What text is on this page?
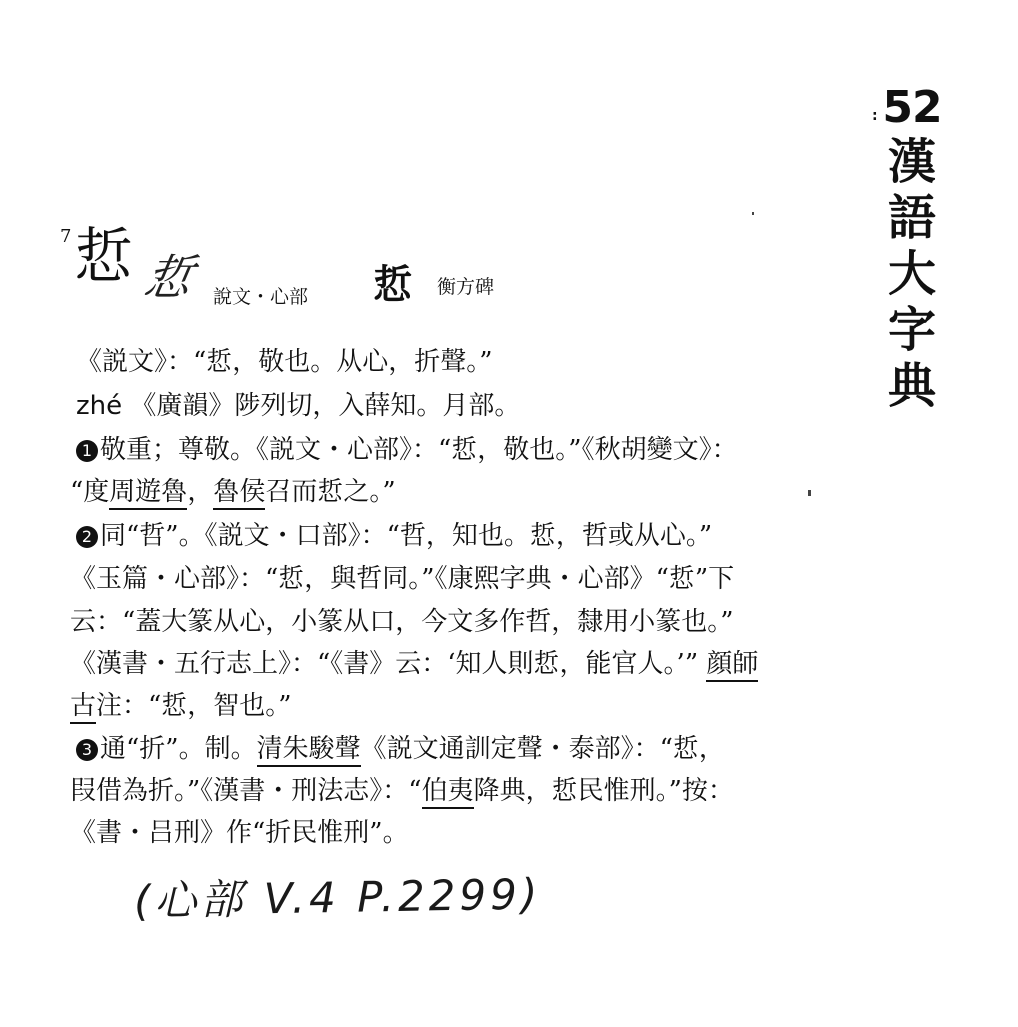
: 52
漢
語
大
字
典
7 悊 悊 說文・心部 悊 衡方碑
《説文》：“悊，敬也。从心，折聲。”
zhé 《廣韻》陟列切，入薛知。月部。
1 敬重；尊敬。《説文・心部》：“悊，敬也。”《秋胡變文》：
“度周遊魯，魯侯召而悊之。”
2 同“哲”。《説文・口部》：“哲，知也。悊，哲或从心。”
《玉篇・心部》：“悊，與哲同。”《康熙字典・心部》“悊”下
云：“蓋大篆从心，小篆从口，今文多作哲，隸用小篆也。”
《漢書・五行志上》：“《書》云：‘知人則悊，能官人。’” 顔師
古注：“悊，智也。”
3 通“折”。制。清朱駿聲《説文通訓定聲・泰部》：“悊，
叚借為折。”《漢書・刑法志》：“伯夷降典，悊民惟刑。”按：
《書・吕刑》作“折民惟刑”。
(心部 V.4 P.2299)
